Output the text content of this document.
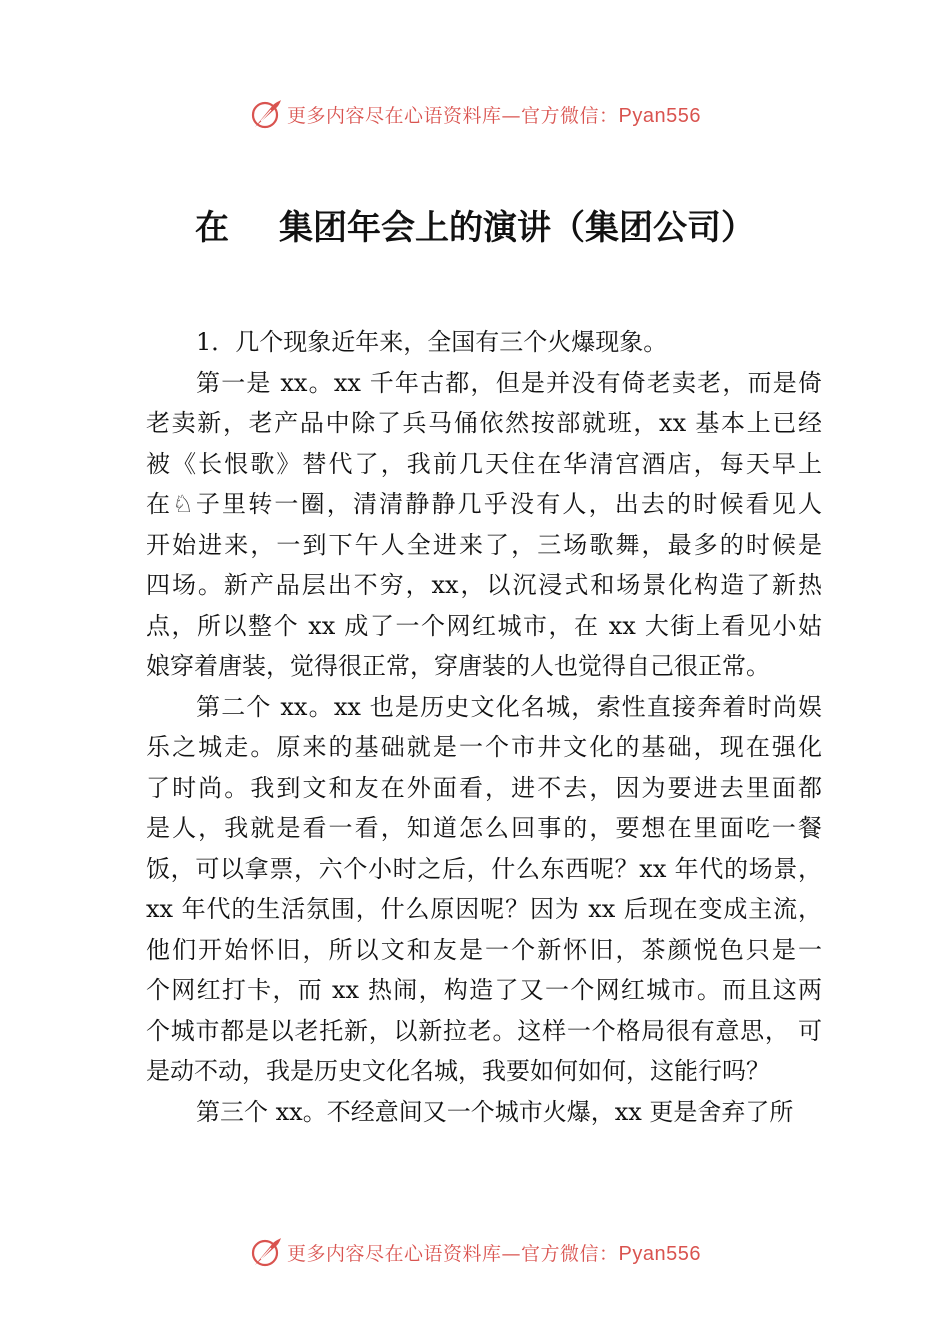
更多内容尽在心语资料库—官方微信：Pyan556
在 集团年会上的演讲（集团公司）
1．几个现象近年来，全国有三个火爆现象。
第一是 xx。xx 千年古都，但是并没有倚老卖老，而是倚
老卖新，老产品中除了兵马俑依然按部就班，xx 基本上已经
被《长恨歌》替代了，我前几天住在华清宫酒店，每天早上
在♘子里转一圈，清清静静几乎没有人，出去的时候看见人
开始进来，一到下午人全进来了，三场歌舞，最多的时候是
四场。新产品层出不穷，xx，以沉浸式和场景化构造了新热
点，所以整个 xx 成了一个网红城市，在 xx 大街上看见小姑
娘穿着唐装，觉得很正常，穿唐装的人也觉得自己很正常。
第二个 xx。xx 也是历史文化名城，索性直接奔着时尚娱
乐之城走。原来的基础就是一个市井文化的基础，现在强化
了时尚。我到文和友在外面看，进不去，因为要进去里面都
是人，我就是看一看，知道怎么回事的，要想在里面吃一餐
饭，可以拿票，六个小时之后，什么东西呢？xx 年代的场景，
xx 年代的生活氛围，什么原因呢？因为 xx 后现在变成主流，
他们开始怀旧，所以文和友是一个新怀旧，茶颜悦色只是一
个网红打卡，而 xx 热闹，构造了又一个网红城市。而且这两
个城市都是以老托新，以新拉老。这样一个格局很有意思， 可
是动不动，我是历史文化名城，我要如何如何，这能行吗？
第三个 xx。不经意间又一个城市火爆，xx 更是舍弃了所
更多内容尽在心语资料库—官方微信：Pyan556
